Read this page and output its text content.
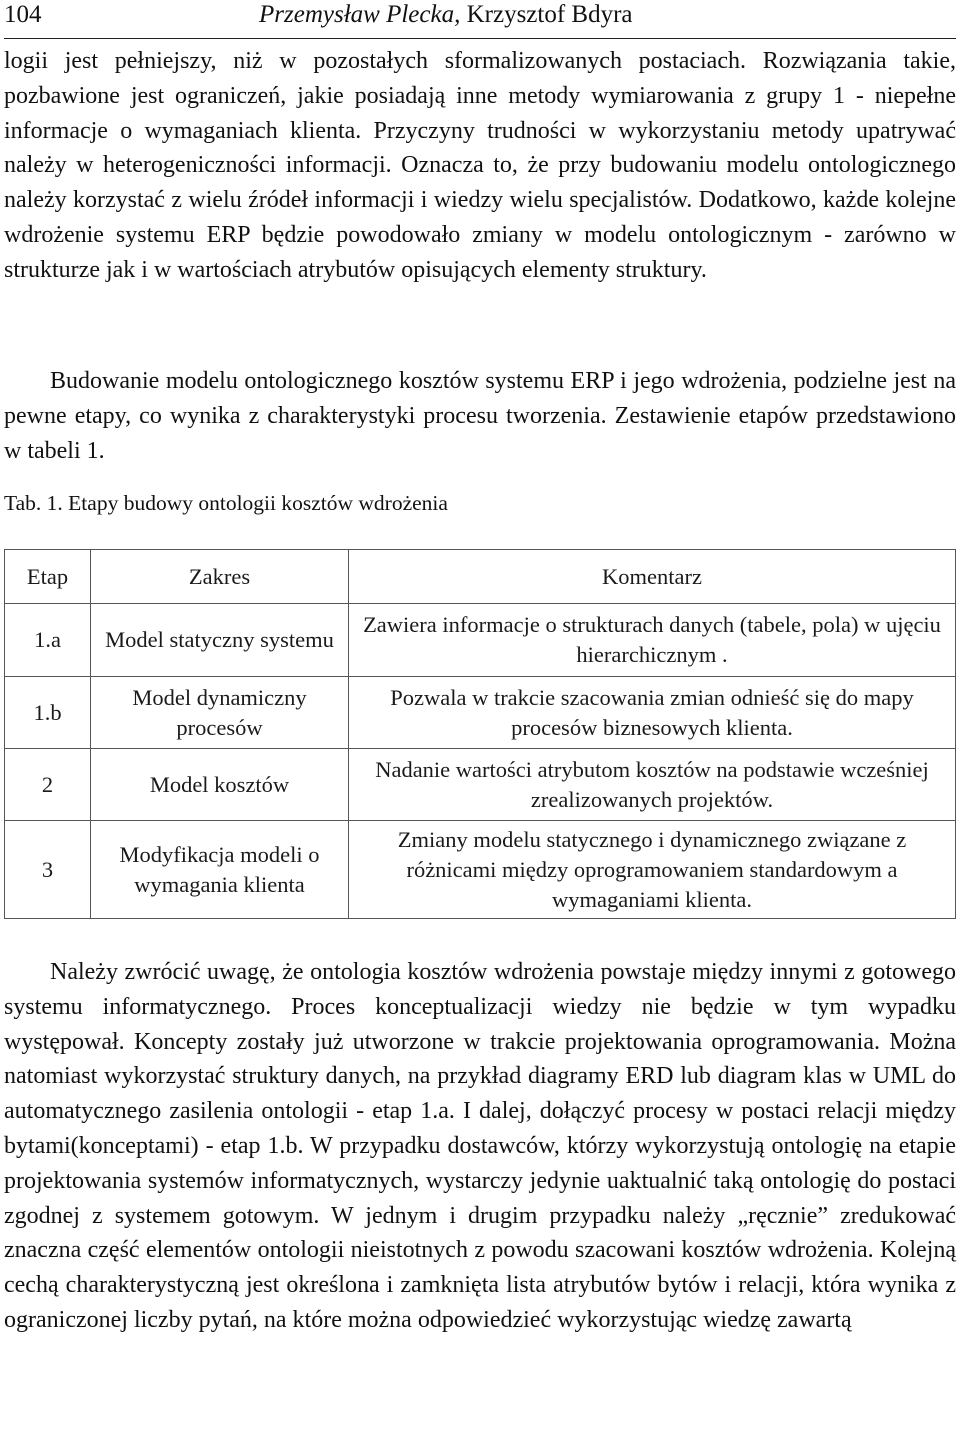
104	Przemysław Plecka, Krzysztof Bdyra

logii jest pełniejszy, niż w pozostałych sformalizowanych postaciach. Rozwiązania takie, pozbawione jest ograniczeń, jakie posiadają inne metody wymiarowania z grupy 1 - niepełne informacje o wymaganiach klienta. Przyczyny trudności w wykorzystaniu metody upatrywać należy w heterogeniczności informacji. Oznacza to, że przy budowaniu modelu ontologicznego należy korzystać z wielu źródeł informacji i wiedzy wielu specjalistów. Dodatkowo, każde kolejne wdrożenie systemu ERP będzie powodowało zmiany w modelu ontologicznym - zarówno w strukturze jak i w wartościach atrybutów opisujących elementy struktury.

Budowanie modelu ontologicznego kosztów systemu ERP i jego wdrożenia, podzielne jest na pewne etapy, co wynika z charakterystyki procesu tworzenia. Zestawienie etapów przedstawiono w tabeli 1.

Tab. 1. Etapy budowy ontologii kosztów wdrożenia
Etap	Zakres	Komentarz
1.a	Model statyczny systemu	Zawiera informacje o strukturach danych (tabele, pola) w ujęciu hierarchicznym .
1.b	Model dynamiczny procesów	Pozwala w trakcie szacowania zmian odnieść się do mapy procesów biznesowych klienta.
2	Model kosztów	Nadanie wartości atrybutom kosztów na podstawie wcześniej zrealizowanych projektów.
3	Modyfikacja modeli o wymagania klienta	Zmiany modelu statycznego i dynamicznego związane z różnicami między oprogramowaniem standardowym a wymaganiami klienta.

Należy zwrócić uwagę, że ontologia kosztów wdrożenia powstaje między innymi z gotowego systemu informatycznego. Proces konceptualizacji wiedzy nie będzie w tym wypadku występował. Koncepty zostały już utworzone w trakcie projektowania oprogramowania. Można natomiast wykorzystać struktury danych, na przykład diagramy ERD lub diagram klas w UML do automatycznego zasilenia ontologii - etap 1.a. I dalej, dołączyć procesy w postaci relacji między bytami(konceptami) - etap 1.b. W przypadku dostawców, którzy wykorzystują ontologię na etapie projektowania systemów informatycznych, wystarczy jedynie uaktualnić taką ontologię do postaci zgodnej z systemem gotowym. W jednym i drugim przypadku należy „ręcznie” zredukować znaczna część elementów ontologii nieistotnych z powodu szacowani kosztów wdrożenia. Kolejną cechą charakterystyczną jest określona i zamknięta lista atrybutów bytów i relacji, która wynika z ograniczonej liczby pytań, na które można odpowiedzieć wykorzystując wiedzę zawartą
